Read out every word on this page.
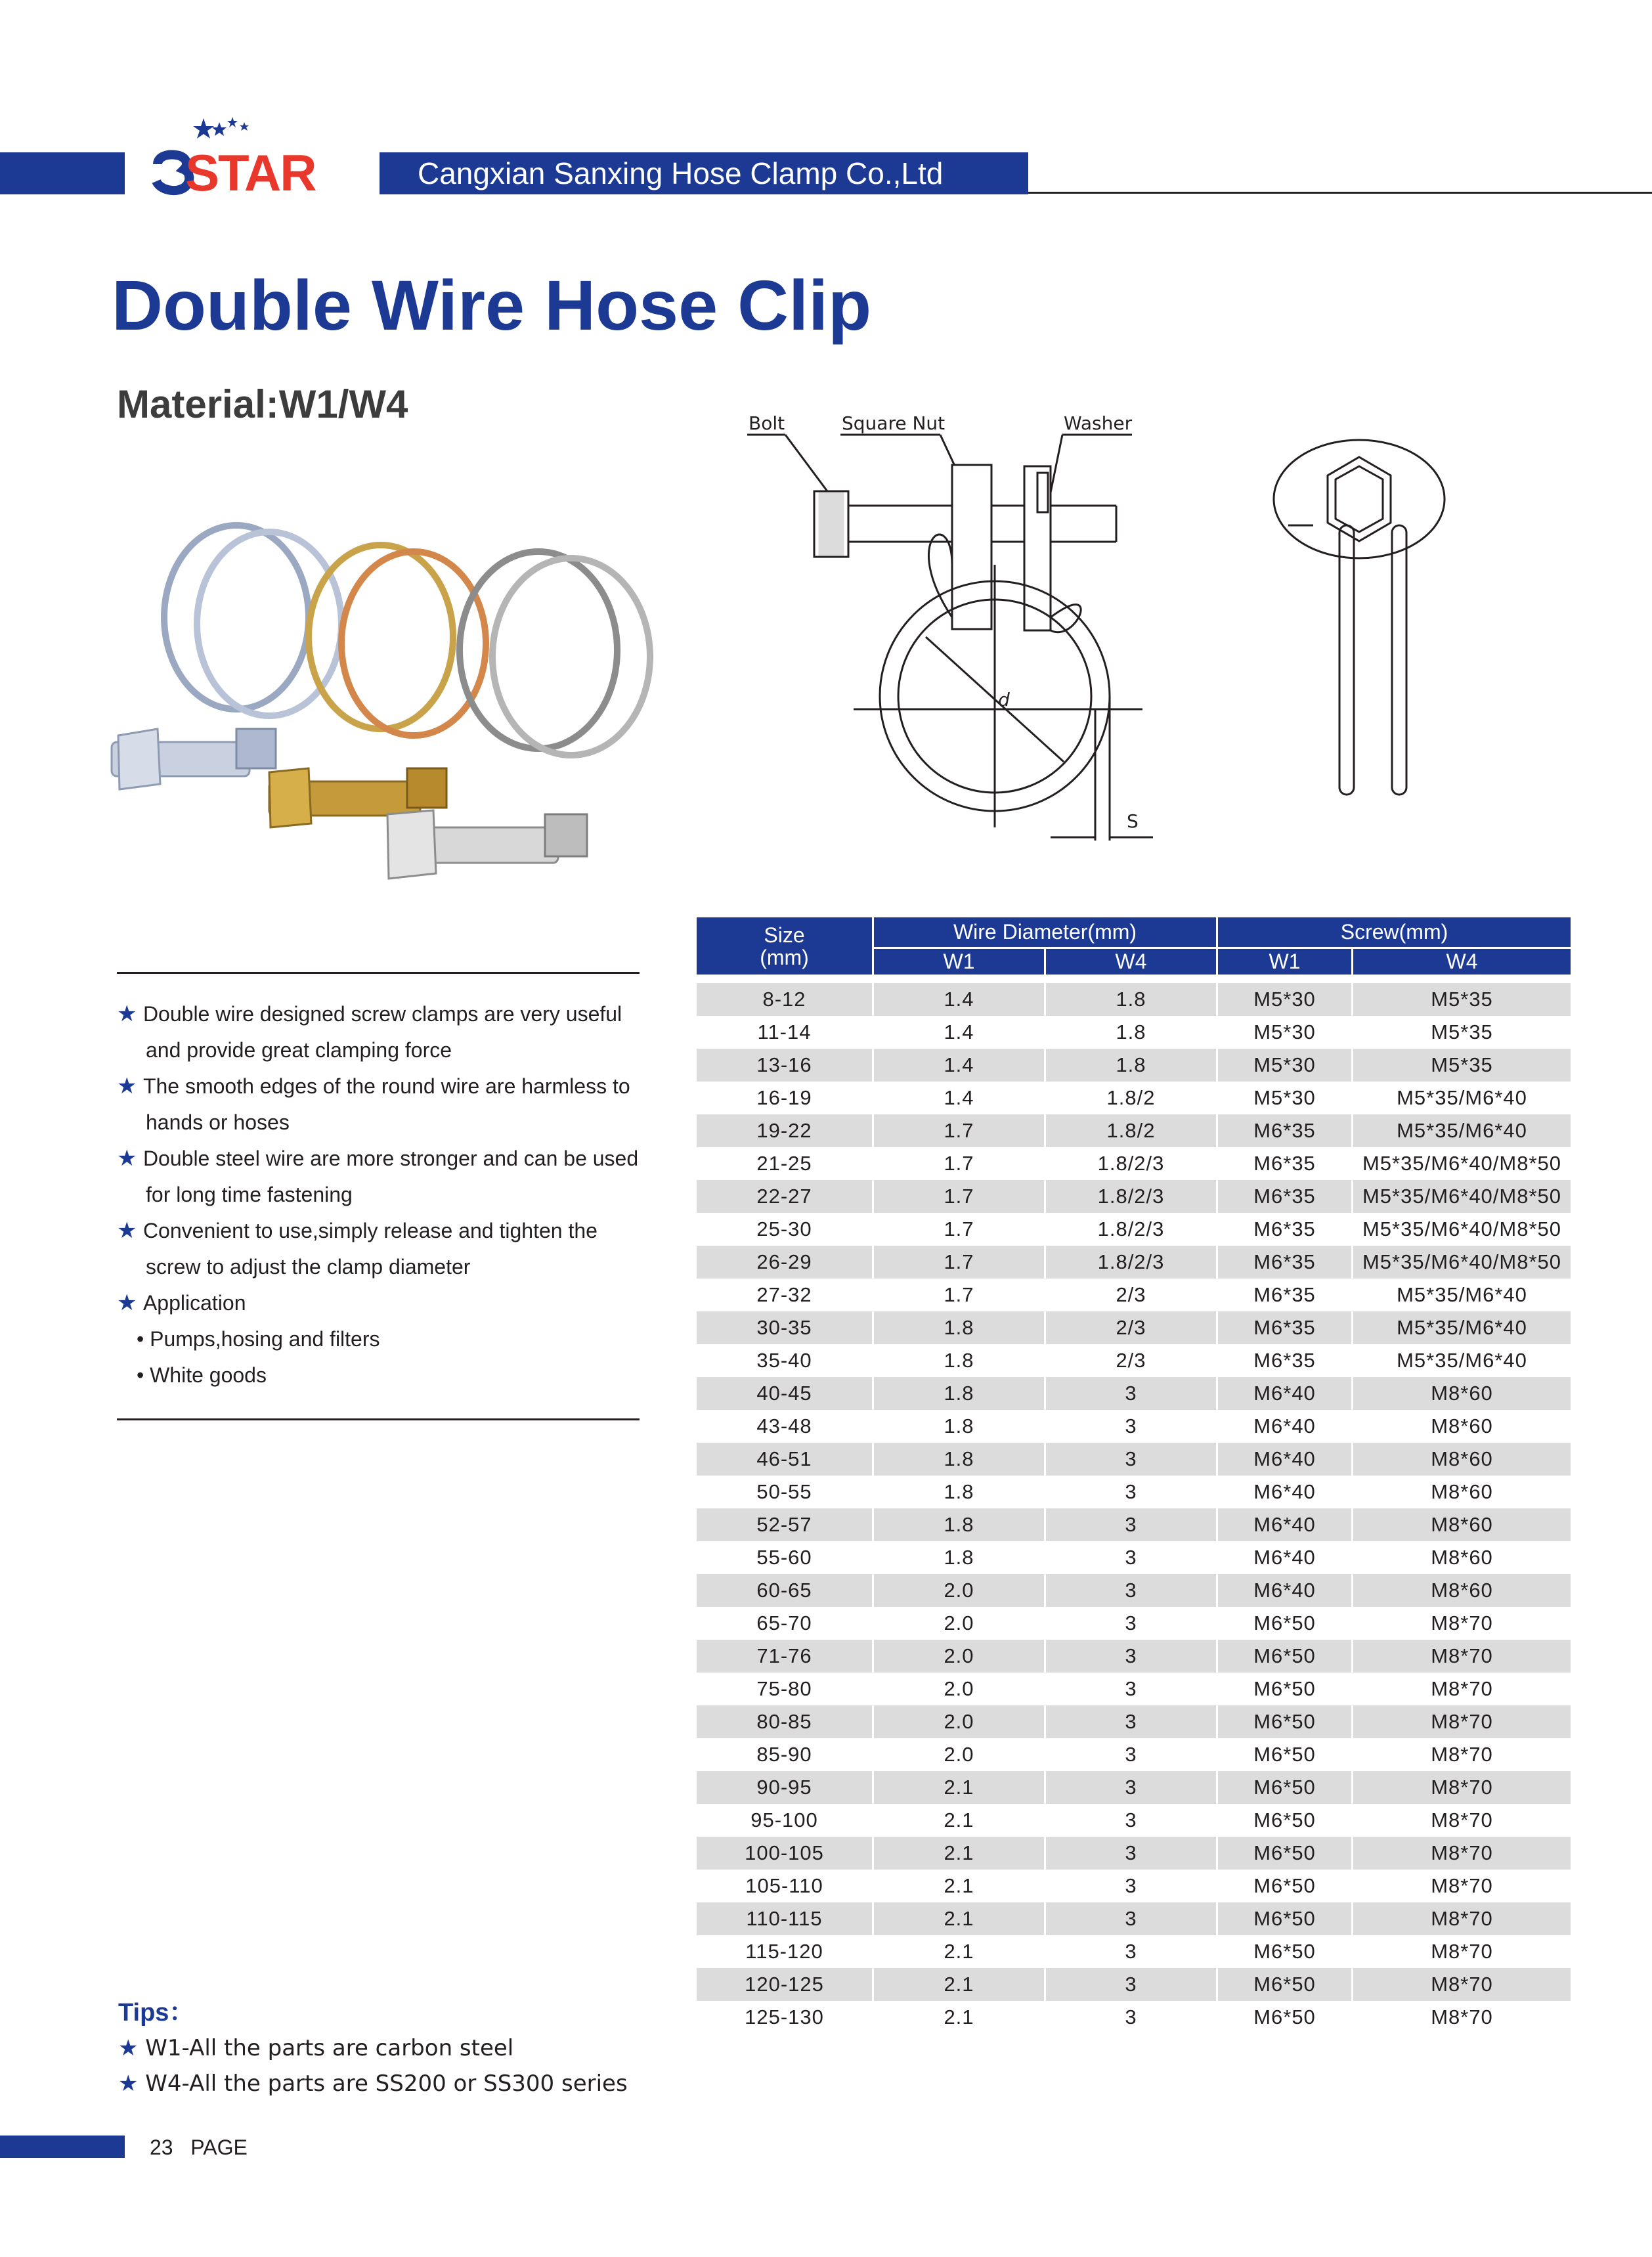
Cangxian Sanxing Hose Clamp Co.,Ltd
STAR
Double Wire Hose Clip
Material:W1/W4	Bolt	Square Nut	Washer
d
S
★ Double wire designed screw clamps are very useful
and provide great clamping force
★ The smooth edges of the round wire are harmless to
hands or hoses
★ Double steel wire are more stronger and can be used
for long time fastening
★ Convenient to use,simply release and tighten the
screw to adjust the clamp diameter
★ Application
• Pumps,hosing and filters
• White goods
Tips：
★ W1-All the parts are carbon steel
★ W4-All the parts are SS200 or SS300 series
23 PAGE
Size
(mm)	Wire Diameter(mm)		Screw(mm)	
	W1	W4	W1	W4

8-12	1.4	1.8	M5*30	M5*35
11-14	1.4	1.8	M5*30	M5*35
13-16	1.4	1.8	M5*30	M5*35
16-19	1.4	1.8/2	M5*30	M5*35/M6*40
19-22	1.7	1.8/2	M6*35	M5*35/M6*40
21-25	1.7	1.8/2/3	M6*35	M5*35/M6*40/M8*50
22-27	1.7	1.8/2/3	M6*35	M5*35/M6*40/M8*50
25-30	1.7	1.8/2/3	M6*35	M5*35/M6*40/M8*50
26-29	1.7	1.8/2/3	M6*35	M5*35/M6*40/M8*50
27-32	1.7	2/3	M6*35	M5*35/M6*40
30-35	1.8	2/3	M6*35	M5*35/M6*40
35-40	1.8	2/3	M6*35	M5*35/M6*40
40-45	1.8	3	M6*40	M8*60
43-48	1.8	3	M6*40	M8*60
46-51	1.8	3	M6*40	M8*60
50-55	1.8	3	M6*40	M8*60
52-57	1.8	3	M6*40	M8*60
55-60	1.8	3	M6*40	M8*60
60-65	2.0	3	M6*40	M8*60
65-70	2.0	3	M6*50	M8*70
71-76	2.0	3	M6*50	M8*70
75-80	2.0	3	M6*50	M8*70
80-85	2.0	3	M6*50	M8*70
85-90	2.0	3	M6*50	M8*70
90-95	2.1	3	M6*50	M8*70
95-100	2.1	3	M6*50	M8*70
100-105	2.1	3	M6*50	M8*70
105-110	2.1	3	M6*50	M8*70
110-115	2.1	3	M6*50	M8*70
115-120	2.1	3	M6*50	M8*70
120-125	2.1	3	M6*50	M8*70
125-130	2.1	3	M6*50	M8*70
